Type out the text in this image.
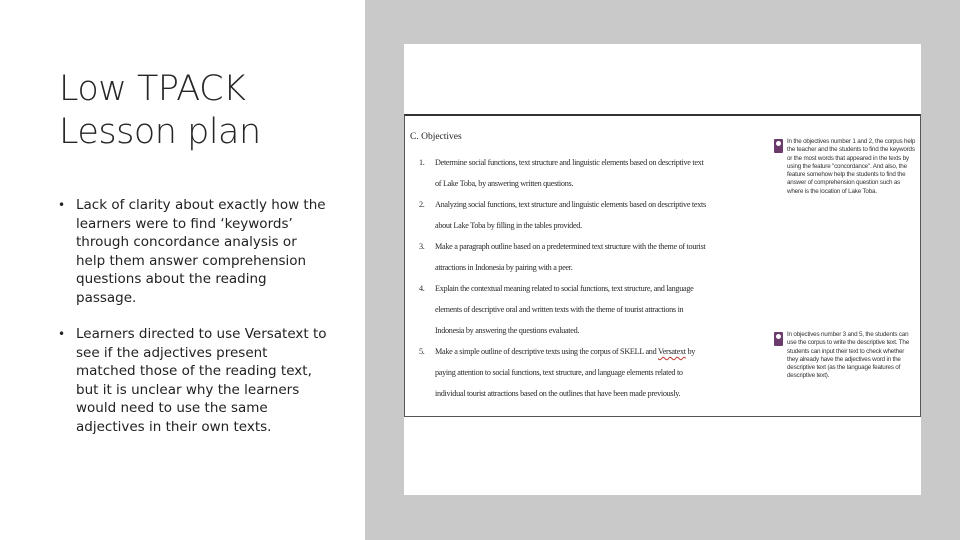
Low TPACK
Lesson plan
• Lack of clarity about exactly how the learners were to find ‘keywords’ through concordance analysis or help them answer comprehension questions about the reading passage.
• Learners directed to use Versatext to see if the adjectives present matched those of the reading text, but it is unclear why the learners would need to use the same adjectives in their own texts.
C. Objectives
1. Determine social functions, text structure and linguistic elements based on descriptive text
of Lake Toba, by answering written questions.
2. Analyzing social functions, text structure and linguistic elements based on descriptive texts
about Lake Toba by filling in the tables provided.
3. Make a paragraph outline based on a predetermined text structure with the theme of tourist
attractions in Indonesia by pairing with a peer.
4. Explain the contextual meaning related to social functions, text structure, and language
elements of descriptive oral and written texts with the theme of tourist attractions in
Indonesia by answering the questions evaluated.
5. Make a simple outline of descriptive texts using the corpus of SKELL and Versatext by
paying attention to social functions, text structure, and language elements related to
individual tourist attractions based on the outlines that have been made previously.
In the objectives number 1 and 2, the corpus help the teacher and the students to find the keywords or the most words that appeared in the texts by using the feature "concordance". And also, the feature somehow help the students to find the answer of comprehension question such as where is the location of Lake Toba.
In objectives number 3 and 5, the students can use the corpus to write the descriptive text. The students can input their text to check whether they already have the adjectives word in the descriptive text (as the language features of descriptive text).
